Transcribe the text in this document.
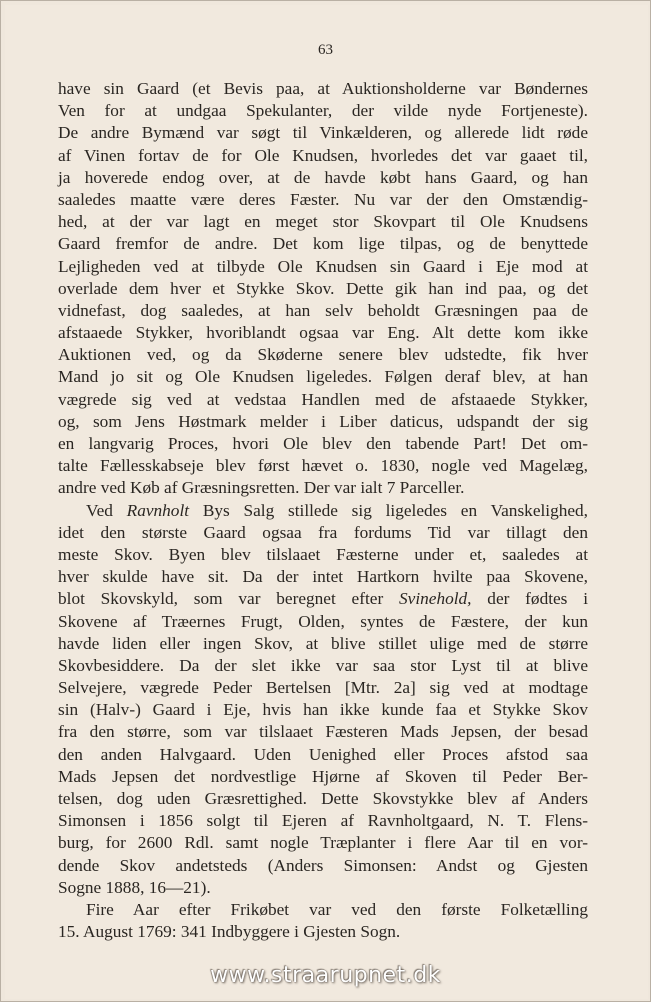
63
have sin Gaard (et Bevis paa, at Auktionsholderne var Bøndernes
Ven for at undgaa Spekulanter, der vilde nyde Fortjeneste).
De andre Bymænd var søgt til Vinkælderen, og allerede lidt røde
af Vinen fortav de for Ole Knudsen, hvorledes det var gaaet til,
ja hoverede endog over, at de havde købt hans Gaard, og han
saaledes maatte være deres Fæster. Nu var der den Omstændig-
hed, at der var lagt en meget stor Skovpart til Ole Knudsens
Gaard fremfor de andre. Det kom lige tilpas, og de benyttede
Lejligheden ved at tilbyde Ole Knudsen sin Gaard i Eje mod at
overlade dem hver et Stykke Skov. Dette gik han ind paa, og det
vidnefast, dog saaledes, at han selv beholdt Græsningen paa de
afstaaede Stykker, hvoriblandt ogsaa var Eng. Alt dette kom ikke
Auktionen ved, og da Skøderne senere blev udstedte, fik hver
Mand jo sit og Ole Knudsen ligeledes. Følgen deraf blev, at han
vægrede sig ved at vedstaa Handlen med de afstaaede Stykker,
og, som Jens Høstmark melder i Liber daticus, udspandt der sig
en langvarig Proces, hvori Ole blev den tabende Part! Det om-
talte Fællesskabseje blev først hævet o. 1830, nogle ved Magelæg,
andre ved Køb af Græsningsretten. Der var ialt 7 Parceller.
Ved Ravnholt Bys Salg stillede sig ligeledes en Vanskelighed,
idet den største Gaard ogsaa fra fordums Tid var tillagt den
meste Skov. Byen blev tilslaaet Fæsterne under et, saaledes at
hver skulde have sit. Da der intet Hartkorn hvilte paa Skovene,
blot Skovskyld, som var beregnet efter Svinehold, der fødtes i
Skovene af Træernes Frugt, Olden, syntes de Fæstere, der kun
havde liden eller ingen Skov, at blive stillet ulige med de større
Skovbesiddere. Da der slet ikke var saa stor Lyst til at blive
Selvejere, vægrede Peder Bertelsen [Mtr. 2a] sig ved at modtage
sin (Halv-) Gaard i Eje, hvis han ikke kunde faa et Stykke Skov
fra den større, som var tilslaaet Fæsteren Mads Jepsen, der besad
den anden Halvgaard. Uden Uenighed eller Proces afstod saa
Mads Jepsen det nordvestlige Hjørne af Skoven til Peder Ber-
telsen, dog uden Græsrettighed. Dette Skovstykke blev af Anders
Simonsen i 1856 solgt til Ejeren af Ravnholtgaard, N. T. Flens-
burg, for 2600 Rdl. samt nogle Træplanter i flere Aar til en vor-
dende Skov andetsteds (Anders Simonsen: Andst og Gjesten
Sogne 1888, 16—21).
Fire Aar efter Frikøbet var ved den første Folketælling
15. August 1769: 341 Indbyggere i Gjesten Sogn.
www.straarupnet.dk
